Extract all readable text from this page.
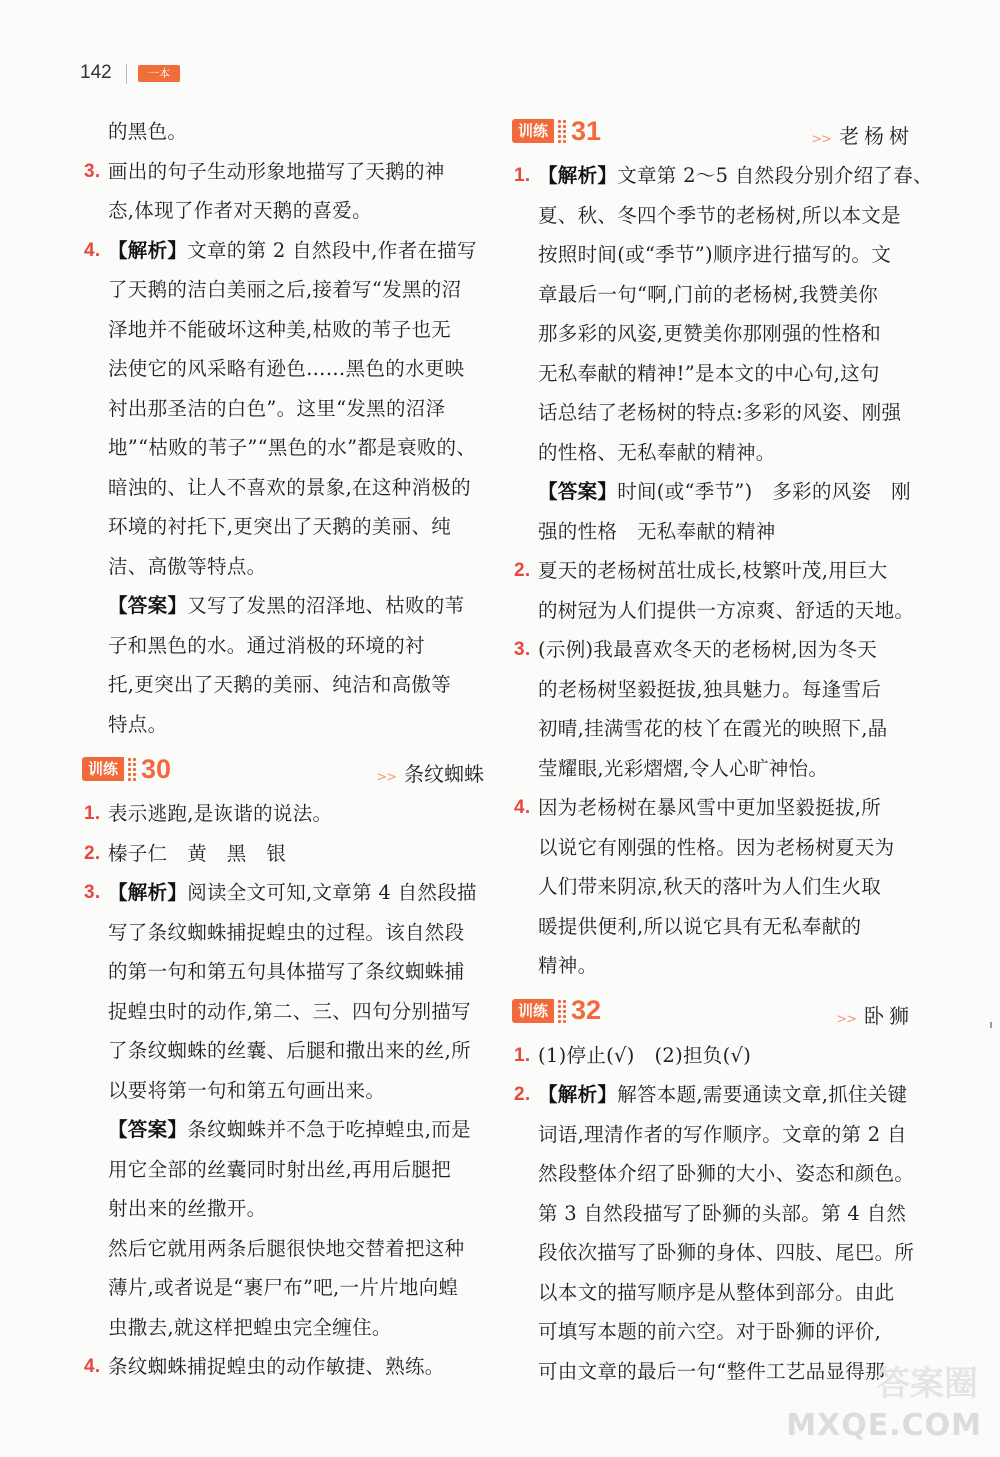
142	一本
的黑色。
3. 画出的句子生动形象地描写了天鹅的神
态,体现了作者对天鹅的喜爱。
4. 【解析】文章的第 2 自然段中,作者在描写
了天鹅的洁白美丽之后,接着写“发黑的沼
泽地并不能破坏这种美,枯败的苇子也无
法使它的风采略有逊色……黑色的水更映
衬出那圣洁的白色”。这里“发黑的沼泽
地”“枯败的苇子”“黑色的水”都是衰败的、
暗浊的、让人不喜欢的景象,在这种消极的
环境的衬托下,更突出了天鹅的美丽、纯
洁、高傲等特点。
【答案】又写了发黑的沼泽地、枯败的苇
子和黑色的水。通过消极的环境的衬
托,更突出了天鹅的美丽、纯洁和高傲等
特点。
训练 30	>> 条纹蜘蛛
1. 表示逃跑,是诙谐的说法。
2. 榛子仁　黄　黑　银
3. 【解析】阅读全文可知,文章第 4 自然段描
写了条纹蜘蛛捕捉蝗虫的过程。该自然段
的第一句和第五句具体描写了条纹蜘蛛捕
捉蝗虫时的动作,第二、三、四句分别描写
了条纹蜘蛛的丝囊、后腿和撒出来的丝,所
以要将第一句和第五句画出来。
【答案】条纹蜘蛛并不急于吃掉蝗虫,而是
用它全部的丝囊同时射出丝,再用后腿把
射出来的丝撒开。
然后它就用两条后腿很快地交替着把这种
薄片,或者说是“裹尸布”吧,一片片地向蝗
虫撒去,就这样把蝗虫完全缠住。
4. 条纹蜘蛛捕捉蝗虫的动作敏捷、熟练。
训练 31	>> 老杨树
1. 【解析】文章第 2～5 自然段分别介绍了春、
夏、秋、冬四个季节的老杨树,所以本文是
按照时间(或“季节”)顺序进行描写的。文
章最后一句“啊,门前的老杨树,我赞美你
那多彩的风姿,更赞美你那刚强的性格和
无私奉献的精神!”是本文的中心句,这句
话总结了老杨树的特点:多彩的风姿、刚强
的性格、无私奉献的精神。
【答案】时间(或“季节”)　多彩的风姿　刚
强的性格　无私奉献的精神
2. 夏天的老杨树茁壮成长,枝繁叶茂,用巨大
的树冠为人们提供一方凉爽、舒适的天地。
3. (示例)我最喜欢冬天的老杨树,因为冬天
的老杨树坚毅挺拔,独具魅力。每逢雪后
初晴,挂满雪花的枝丫在霞光的映照下,晶
莹耀眼,光彩熠熠,令人心旷神怡。
4. 因为老杨树在暴风雪中更加坚毅挺拔,所
以说它有刚强的性格。因为老杨树夏天为
人们带来阴凉,秋天的落叶为人们生火取
暖提供便利,所以说它具有无私奉献的
精神。
训练 32	>> 卧狮
1. (1)停止(√)　(2)担负(√)
2. 【解析】解答本题,需要通读文章,抓住关键
词语,理清作者的写作顺序。文章的第 2 自
然段整体介绍了卧狮的大小、姿态和颜色。
第 3 自然段描写了卧狮的头部。第 4 自然
段依次描写了卧狮的身体、四肢、尾巴。所
以本文的描写顺序是从整体到部分。由此
可填写本题的前六空。对于卧狮的评价,
可由文章的最后一句“整件工艺品显得那
答案圈
MXQE.COM
